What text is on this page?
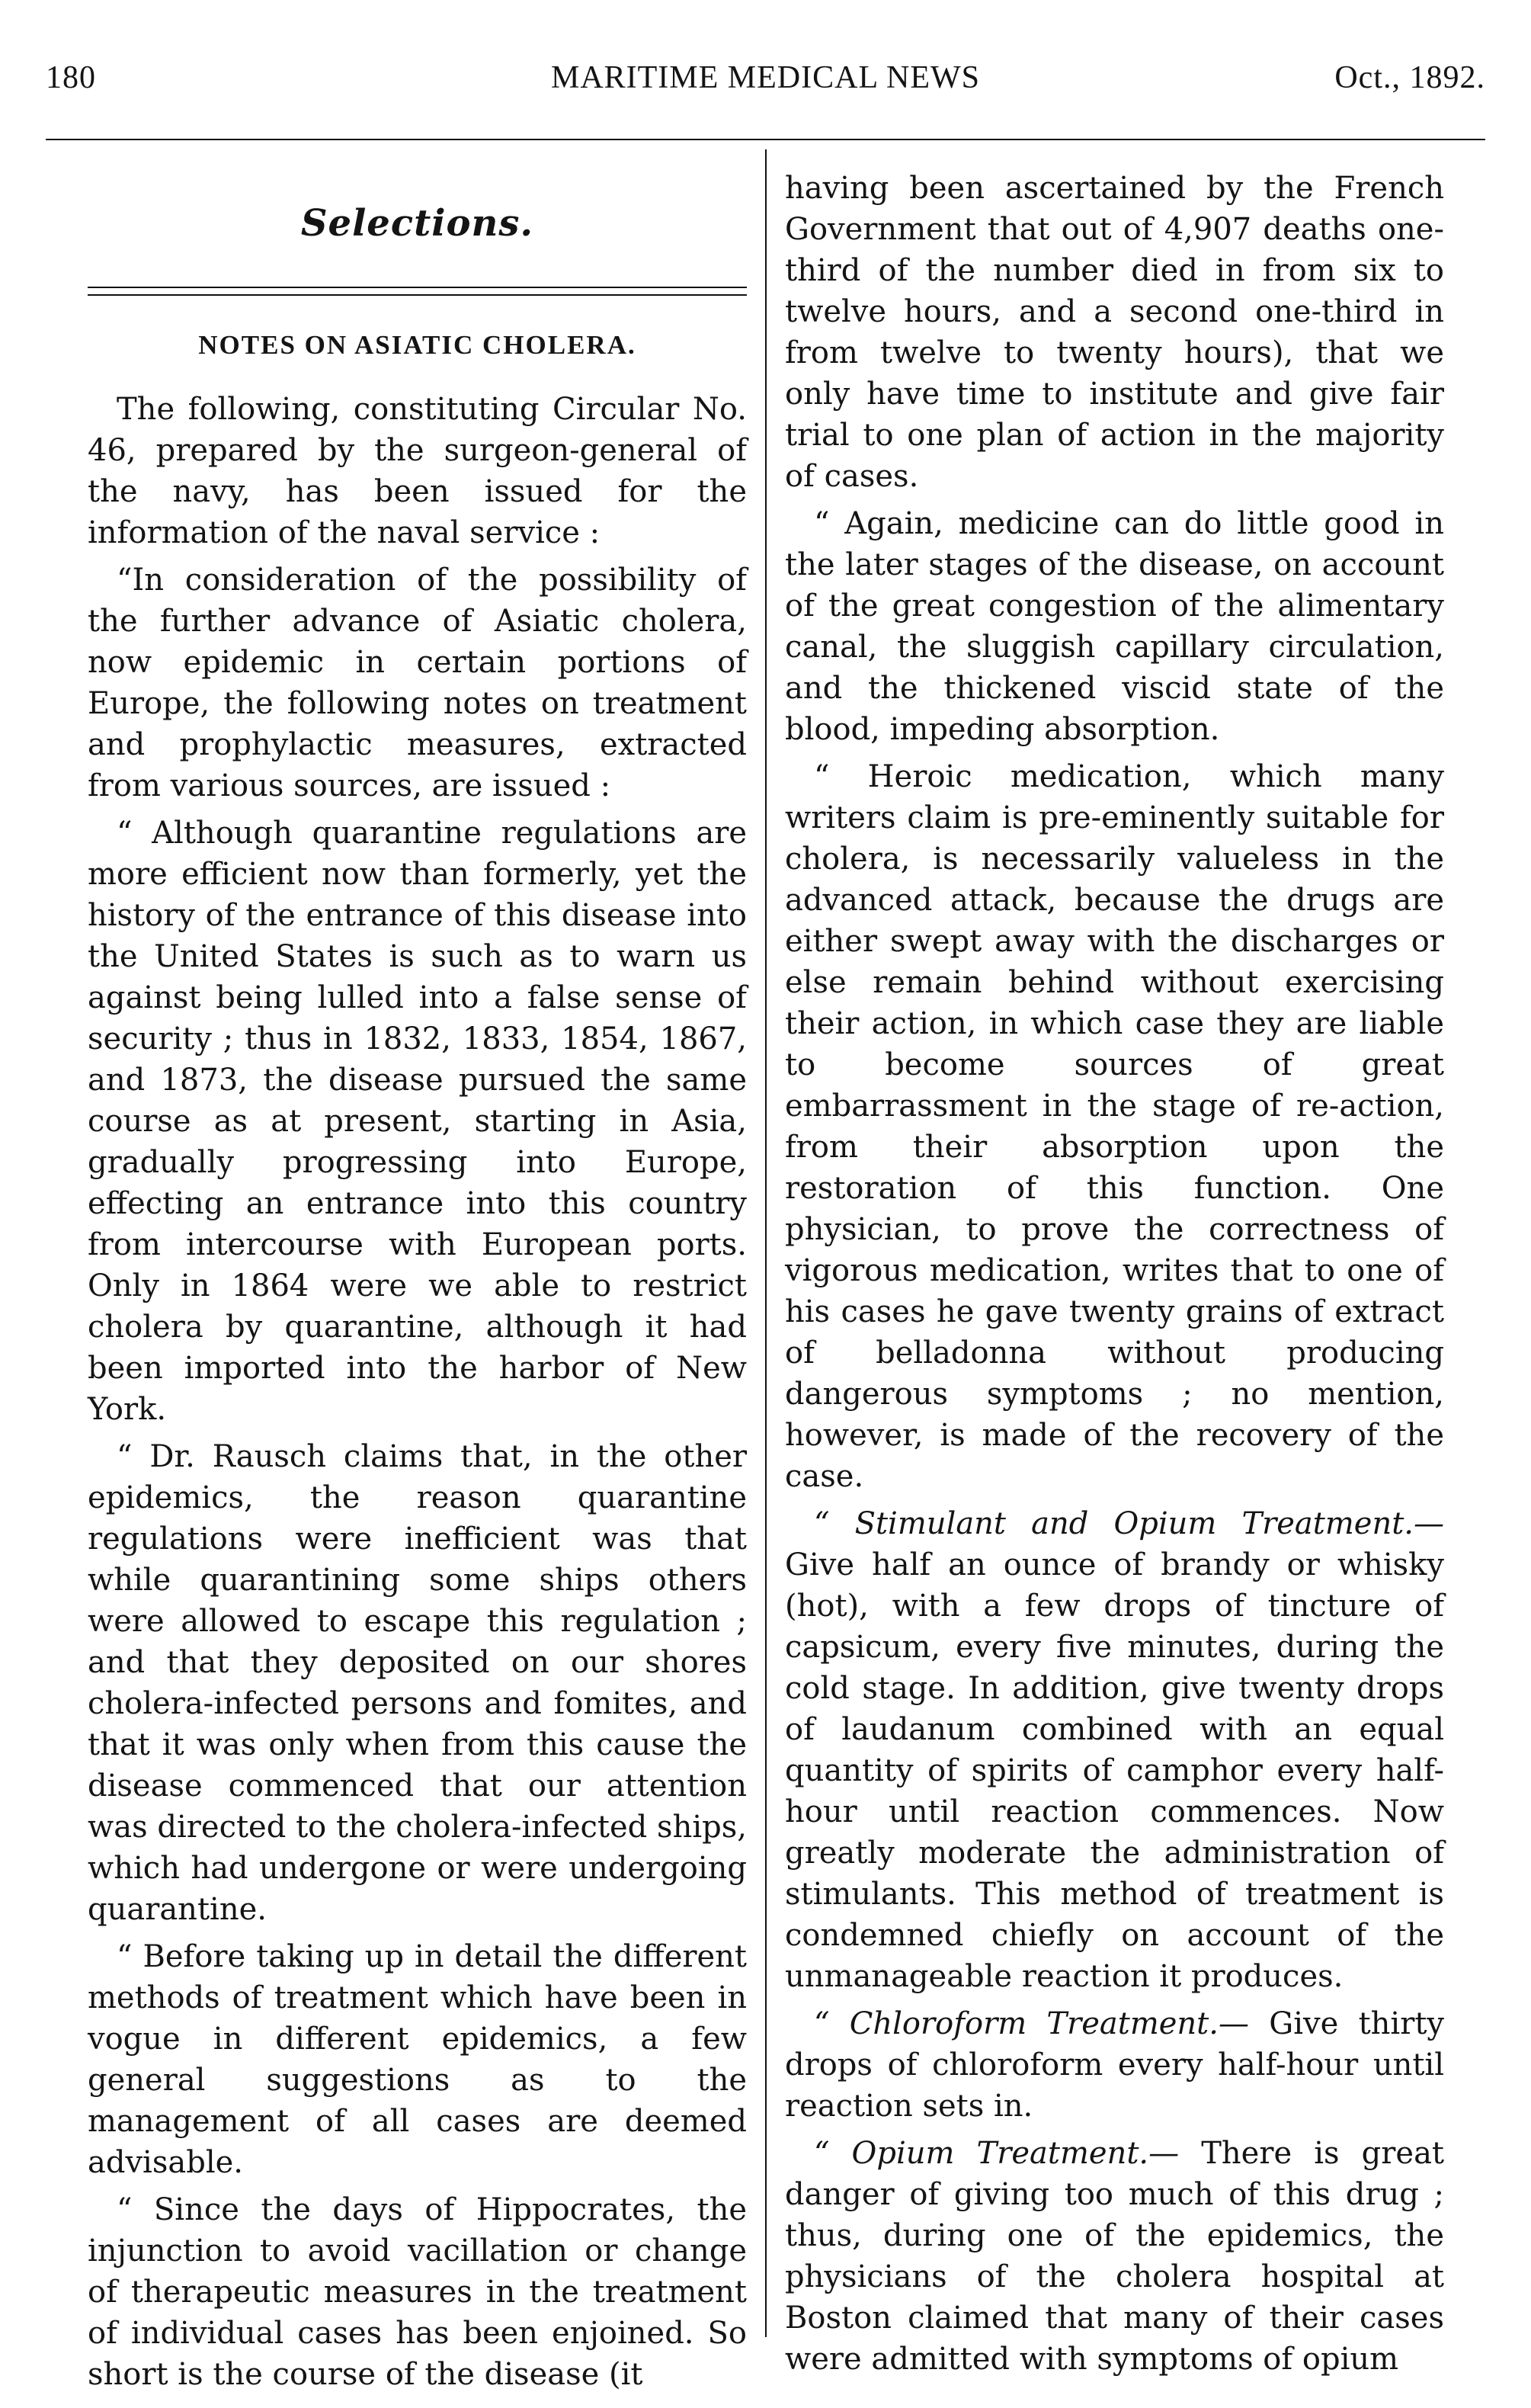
180	MARITIME MEDICAL NEWS	Oct., 1892.
Selections.
NOTES ON ASIATIC CHOLERA.

The following, constituting Circular No. 46, prepared by the surgeon-general of the navy, has been issued for the information of the naval service :

“In consideration of the possibility of the further advance of Asiatic cholera, now epidemic in certain portions of Europe, the following notes on treatment and prophylactic measures, extracted from various sources, are issued :

“ Although quarantine regulations are more efficient now than formerly, yet the history of the entrance of this disease into the United States is such as to warn us against being lulled into a false sense of security ; thus in 1832, 1833, 1854, 1867, and 1873, the disease pursued the same course as at present, starting in Asia, gradually progressing into Europe, effecting an entrance into this country from intercourse with European ports. Only in 1864 were we able to restrict cholera by quarantine, although it had been imported into the harbor of New York.

“ Dr. Rausch claims that, in the other epidemics, the reason quarantine regulations were inefficient was that while quarantining some ships others were allowed to escape this regulation ; and that they deposited on our shores cholera-infected persons and fomites, and that it was only when from this cause the disease commenced that our attention was directed to the cholera-infected ships, which had undergone or were undergoing quarantine.

“ Before taking up in detail the different methods of treatment which have been in vogue in different epidemics, a few general suggestions as to the management of all cases are deemed advisable.

“ Since the days of Hippocrates, the injunction to avoid vacillation or change of therapeutic measures in the treatment of individual cases has been enjoined. So short is the course of the disease (it

having been ascertained by the French Government that out of 4,907 deaths one-third of the number died in from six to twelve hours, and a second one-third in from twelve to twenty hours), that we only have time to institute and give fair trial to one plan of action in the majority of cases.

“ Again, medicine can do little good in the later stages of the disease, on account of the great congestion of the alimentary canal, the sluggish capillary circulation, and the thickened viscid state of the blood, impeding absorption.

“ Heroic medication, which many writers claim is pre-eminently suitable for cholera, is necessarily valueless in the advanced attack, because the drugs are either swept away with the discharges or else remain behind without exercising their action, in which case they are liable to become sources of great embarrassment in the stage of re-action, from their absorption upon the restoration of this function. One physician, to prove the correctness of vigorous medication, writes that to one of his cases he gave twenty grains of extract of belladonna without producing dangerous symptoms ; no mention, however, is made of the recovery of the case.

“ Stimulant and Opium Treatment.— Give half an ounce of brandy or whisky (hot), with a few drops of tincture of capsicum, every five minutes, during the cold stage. In addition, give twenty drops of laudanum combined with an equal quantity of spirits of camphor every half-hour until reaction commences. Now greatly moderate the administration of stimulants. This method of treatment is condemned chiefly on account of the unmanageable reaction it produces.

“ Chloroform Treatment.— Give thirty drops of chloroform every half-hour until reaction sets in.

“ Opium Treatment.— There is great danger of giving too much of this drug ; thus, during one of the epidemics, the physicians of the cholera hospital at Boston claimed that many of their cases were admitted with symptoms of opium
